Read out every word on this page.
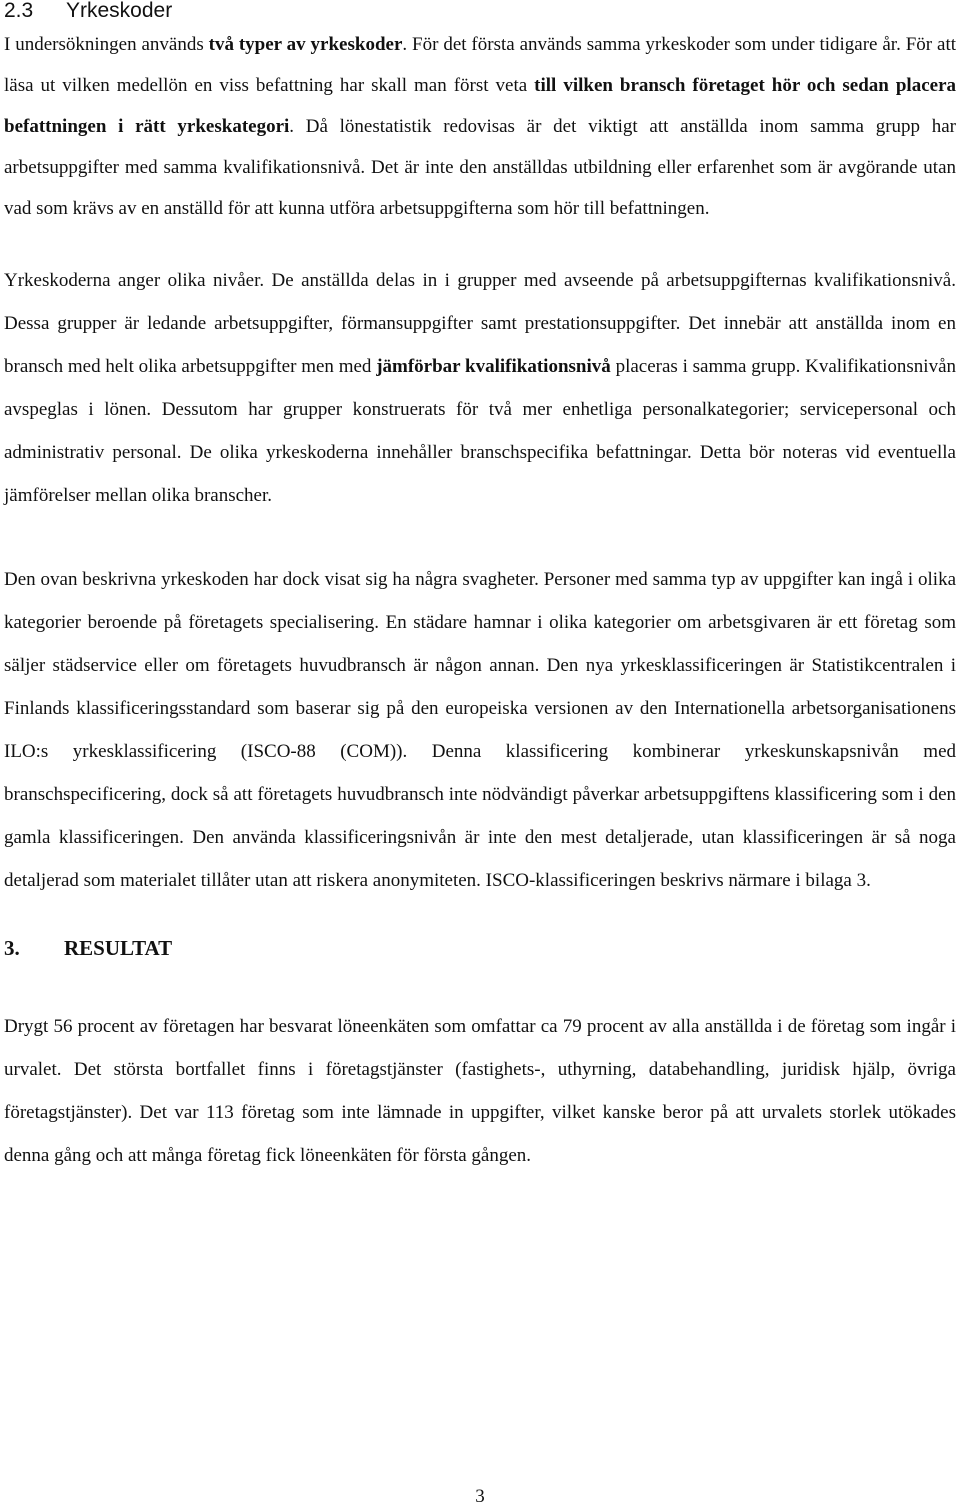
2.3 Yrkeskoder

I undersökningen används två typer av yrkeskoder. För det första används samma yrkeskoder som under tidigare år. För att läsa ut vilken medellön en viss befattning har skall man först veta till vilken bransch företaget hör och sedan placera befattningen i rätt yrkeskategori. Då lönestatistik redovisas är det viktigt att anställda inom samma grupp har arbetsuppgifter med samma kvalifikationsnivå. Det är inte den anställdas utbildning eller erfarenhet som är avgörande utan vad som krävs av en anställd för att kunna utföra arbetsuppgifterna som hör till befattningen.

Yrkeskoderna anger olika nivåer. De anställda delas in i grupper med avseende på arbetsuppgifternas kvalifikationsnivå. Dessa grupper är ledande arbetsuppgifter, förmansuppgifter samt prestationsuppgifter. Det innebär att anställda inom en bransch med helt olika arbetsuppgifter men med jämförbar kvalifikationsnivå placeras i samma grupp. Kvalifikationsnivån avspeglas i lönen. Dessutom har grupper konstruerats för två mer enhetliga personalkategorier; servicepersonal och administrativ personal. De olika yrkeskoderna innehåller branschspecifika befattningar. Detta bör noteras vid eventuella jämförelser mellan olika branscher.

Den ovan beskrivna yrkeskoden har dock visat sig ha några svagheter. Personer med samma typ av uppgifter kan ingå i olika kategorier beroende på företagets specialisering. En städare hamnar i olika kategorier om arbetsgivaren är ett företag som säljer städservice eller om företagets huvudbransch är någon annan. Den nya yrkesklassificeringen är Statistikcentralen i Finlands klassificeringsstandard som baserar sig på den europeiska versionen av den Internationella arbetsorganisationens ILO:s yrkesklassificering (ISCO-88 (COM)). Denna klassificering kombinerar yrkeskunskapsnivån med branschspecificering, dock så att företagets huvudbransch inte nödvändigt påverkar arbetsuppgiftens klassificering som i den gamla klassificeringen. Den använda klassificeringsnivån är inte den mest detaljerade, utan klassificeringen är så noga detaljerad som materialet tillåter utan att riskera anonymiteten. ISCO-klassificeringen beskrivs närmare i bilaga 3.

3. RESULTAT

Drygt 56 procent av företagen har besvarat löneenkäten som omfattar ca 79 procent av alla anställda i de företag som ingår i urvalet. Det största bortfallet finns i företagstjänster (fastighets-, uthyrning, databehandling, juridisk hjälp, övriga företagstjänster). Det var 113 företag som inte lämnade in uppgifter, vilket kanske beror på att urvalets storlek utökades denna gång och att många företag fick löneenkäten för första gången.

3
